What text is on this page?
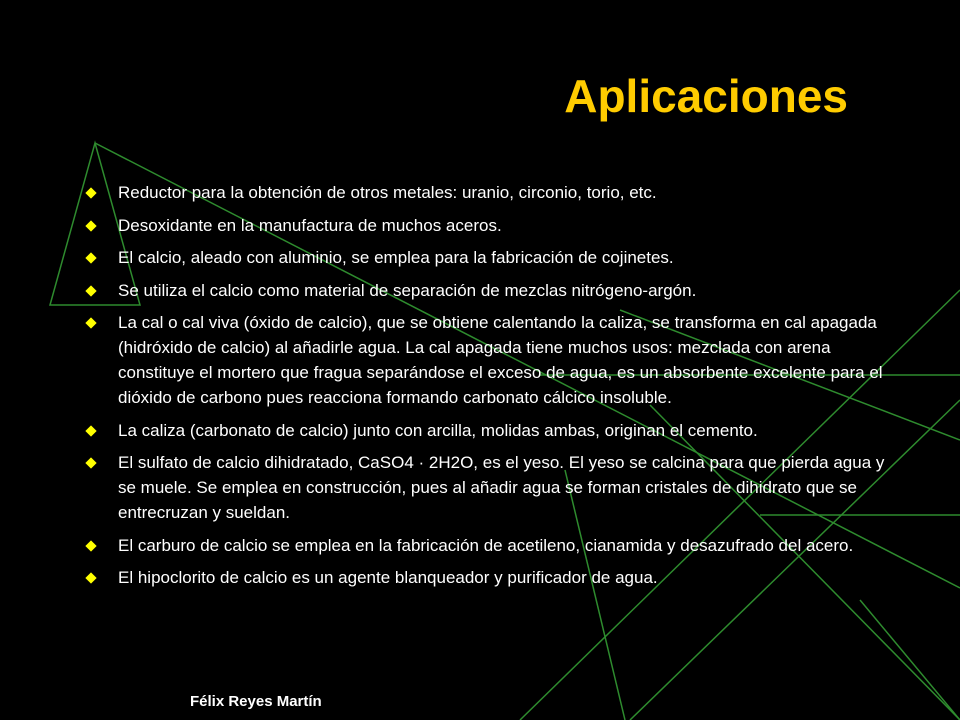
Aplicaciones
Reductor para la obtención de otros metales: uranio, circonio, torio, etc.
Desoxidante en la manufactura de muchos aceros.
El calcio, aleado con aluminio, se emplea para la fabricación de cojinetes.
Se utiliza el calcio como material de separación de mezclas nitrógeno-argón.
La cal o cal viva (óxido de calcio), que se obtiene calentando la caliza, se transforma en cal apagada (hidróxido de calcio) al añadirle agua. La cal apagada tiene muchos usos: mezclada con arena constituye el mortero que fragua separándose el exceso de agua, es un absorbente excelente para el dióxido de carbono pues reacciona formando carbonato cálcico insoluble.
La caliza (carbonato de calcio) junto con arcilla, molidas ambas, originan el cemento.
El sulfato de calcio dihidratado, CaSO4 · 2H2O, es el yeso. El yeso se calcina para que pierda agua y se muele. Se emplea en construcción, pues al añadir agua se forman cristales de dihidrato que se entrecruzan y sueldan.
El carburo de calcio se emplea en la fabricación de acetileno, cianamida y desazufrado del acero.
El hipoclorito de calcio es un agente blanqueador y purificador de agua.
Félix Reyes Martín
